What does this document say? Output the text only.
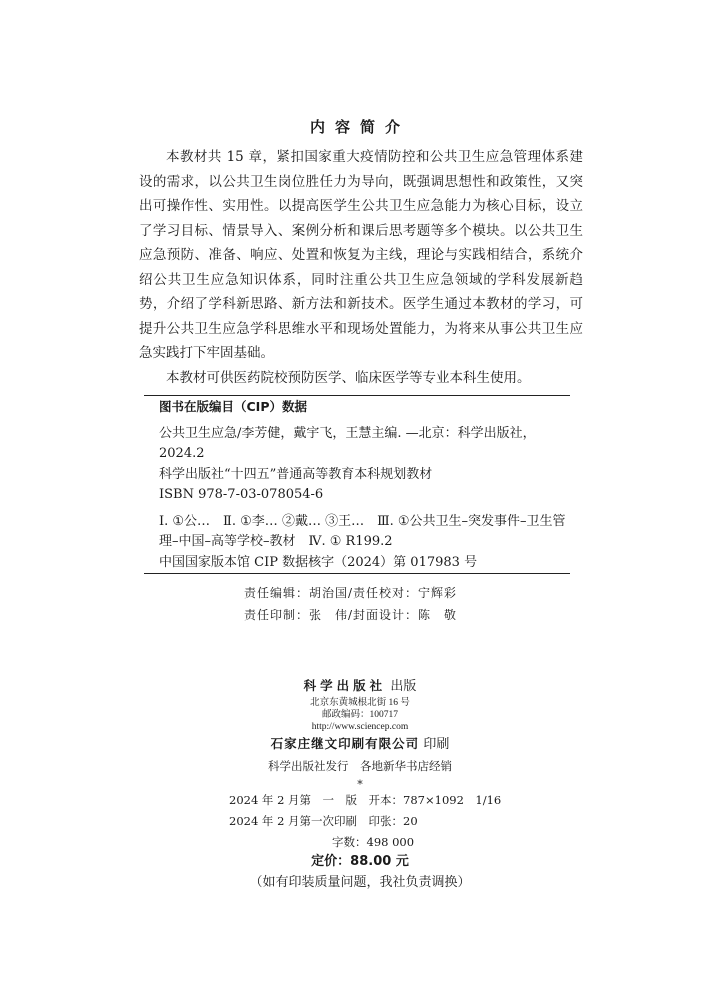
内容简介

本教材共 15 章，紧扣国家重大疫情防控和公共卫生应急管理体系建设的需求，以公共卫生岗位胜任力为导向，既强调思想性和政策性，又突出可操作性、实用性。以提高医学生公共卫生应急能力为核心目标，设立了学习目标、情景导入、案例分析和课后思考题等多个模块。以公共卫生应急预防、准备、响应、处置和恢复为主线，理论与实践相结合，系统介绍公共卫生应急知识体系，同时注重公共卫生应急领域的学科发展新趋势，介绍了学科新思路、新方法和新技术。医学生通过本教材的学习，可提升公共卫生应急学科思维水平和现场处置能力，为将来从事公共卫生应急实践打下牢固基础。

本教材可供医药院校预防医学、临床医学等专业本科生使用。

图书在版编目（CIP）数据
公共卫生应急/李芳健，戴宇飞，王慧主编. —北京：科学出版社，2024.2
科学出版社“十四五”普通高等教育本科规划教材
ISBN 978-7-03-078054-6
Ⅰ. ①公…　Ⅱ. ①李… ②戴… ③王…　Ⅲ. ①公共卫生–突发事件–卫生管理–中国–高等学校–教材　Ⅳ. ① R199.2
中国国家版本馆 CIP 数据核字（2024）第 017983 号
责任编辑：胡治国/责任校对：宁辉彩
责任印制：张　伟/封面设计：陈　敬
科学出版社 出版
北京东黄城根北街 16 号
邮政编码：100717
http://www.sciencep.com
石家庄继文印刷有限公司 印刷
科学出版社发行　各地新华书店经销
*
2024 年 2 月第　一　版　开本：787×1092　1/16
2024 年 2 月第一次印刷　印张：20
字数：498 000
定价：88.00 元
（如有印装质量问题，我社负责调换）
